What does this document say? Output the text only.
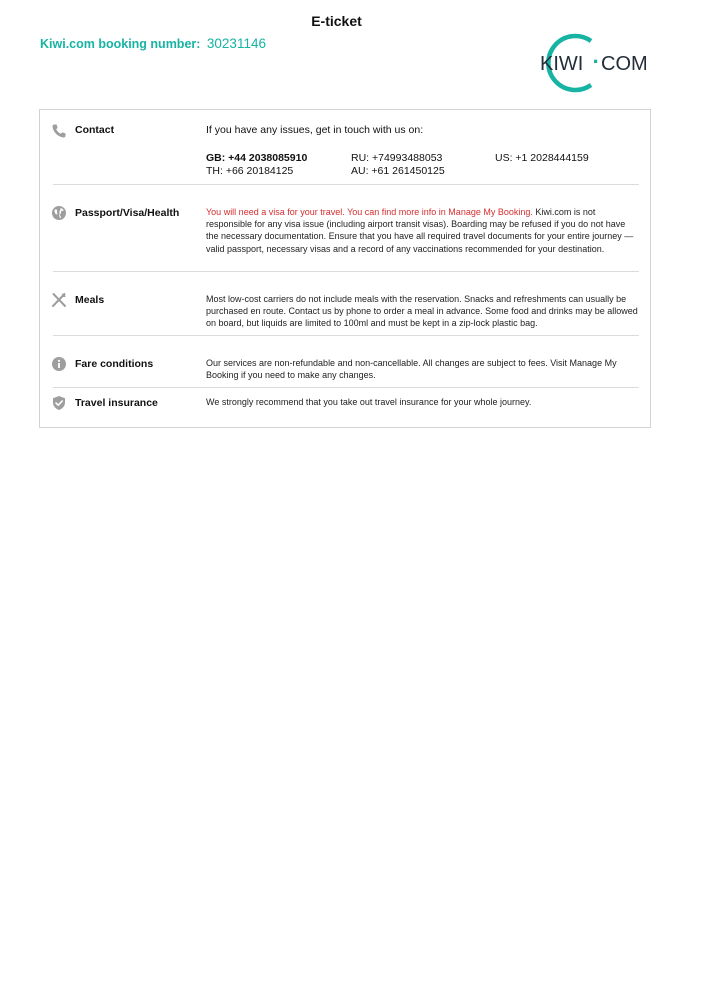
E-ticket
Kiwi.com booking number: 30231146
KIWI · COM
Contact	If you have any issues, get in touch with us on:
GB: +44 2038085910	RU: +74993488053	US: +1 2028444159
TH: +66 20184125	AU: +61 261450125
Passport/Visa/Health	You will need a visa for your travel. You can find more info in Manage My Booking. Kiwi.com is not responsible for any visa issue (including airport transit visas). Boarding may be refused if you do not have the necessary documentation. Ensure that you have all required travel documents for your entire journey — valid passport, necessary visas and a record of any vaccinations recommended for your destination.
Meals	Most low-cost carriers do not include meals with the reservation. Snacks and refreshments can usually be purchased en route. Contact us by phone to order a meal in advance. Some food and drinks may be allowed on board, but liquids are limited to 100ml and must be kept in a zip-lock plastic bag.
Fare conditions	Our services are non-refundable and non-cancellable. All changes are subject to fees. Visit Manage My Booking if you need to make any changes.
Travel insurance	We strongly recommend that you take out travel insurance for your whole journey.
